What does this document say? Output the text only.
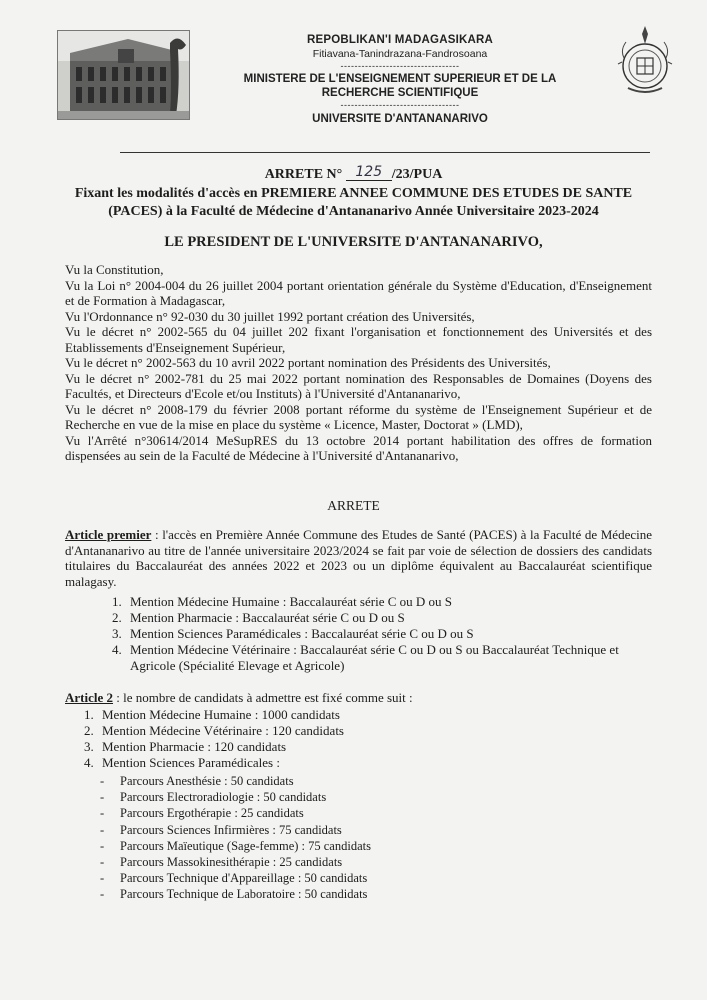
REPOBLIKAN'I MADAGASIKARA
Fitiavana-Tanindrazana-Fandrosoana
----------------------------------
MINISTERE DE L'ENSEIGNEMENT SUPERIEUR ET DE LA RECHERCHE SCIENTIFIQUE
----------------------------------
UNIVERSITE D'ANTANANARIVO
ARRETE N° 125 /23/PUA
Fixant les modalités d'accès en PREMIERE ANNEE COMMUNE DES ETUDES DE SANTE
(PACES) à la Faculté de Médecine d'Antananarivo Année Universitaire 2023-2024
LE PRESIDENT DE L'UNIVERSITE D'ANTANANARIVO,

Vu la Constitution,

Vu la Loi n° 2004-004 du 26 juillet 2004 portant orientation générale du Système d'Education, d'Enseignement et de Formation à Madagascar,

Vu l'Ordonnance n° 92-030 du 30 juillet 1992 portant création des Universités,

Vu le décret n° 2002-565 du 04 juillet 202 fixant l'organisation et fonctionnement des Universités et des Etablissements d'Enseignement Supérieur,

Vu le décret n° 2002-563 du 10 avril 2022 portant nomination des Présidents des Universités,

Vu le décret n° 2002-781 du 25 mai 2022 portant nomination des Responsables de Domaines (Doyens des Facultés, et Directeurs d'Ecole et/ou Instituts) à l'Université d'Antananarivo,

Vu le décret n° 2008-179 du février 2008 portant réforme du système de l'Enseignement Supérieur et de Recherche en vue de la mise en place du système « Licence, Master, Doctorat » (LMD),

Vu l'Arrêté n°30614/2014 MeSupRES du 13 octobre 2014 portant habilitation des offres de formation dispensées au sein de la Faculté de Médecine à l'Université d'Antananarivo,

ARRETE
Article premier : l'accès en Première Année Commune des Etudes de Santé (PACES) à la Faculté de Médecine d'Antananarivo au titre de l'année universitaire 2023/2024 se fait par voie de sélection de dossiers des candidats titulaires du Baccalauréat des années 2022 et 2023 ou un diplôme équivalent au Baccalauréat scientifique malagasy.
1. Mention Médecine Humaine : Baccalauréat série C ou D ou S
2. Mention Pharmacie : Baccalauréat série C ou D ou S
3. Mention Sciences Paramédicales : Baccalauréat série C ou D ou S
4. Mention Médecine Vétérinaire : Baccalauréat série C ou D ou S ou Baccalauréat Technique et Agricole (Spécialité Elevage et Agricole)
Article 2 : le nombre de candidats à admettre est fixé comme suit :
1. Mention Médecine Humaine : 1000 candidats
2. Mention Médecine Vétérinaire : 120 candidats
3. Mention Pharmacie : 120 candidats
4. Mention Sciences Paramédicales :
-	Parcours Anesthésie : 50 candidats
-	Parcours Electroradiologie : 50 candidats
-	Parcours Ergothérapie : 25 candidats
-	Parcours Sciences Infirmières : 75 candidats
-	Parcours Maïeutique (Sage-femme) : 75 candidats
-	Parcours Massokinesithérapie : 25 candidats
-	Parcours Technique d'Appareillage : 50 candidats
-	Parcours Technique de Laboratoire : 50 candidats
